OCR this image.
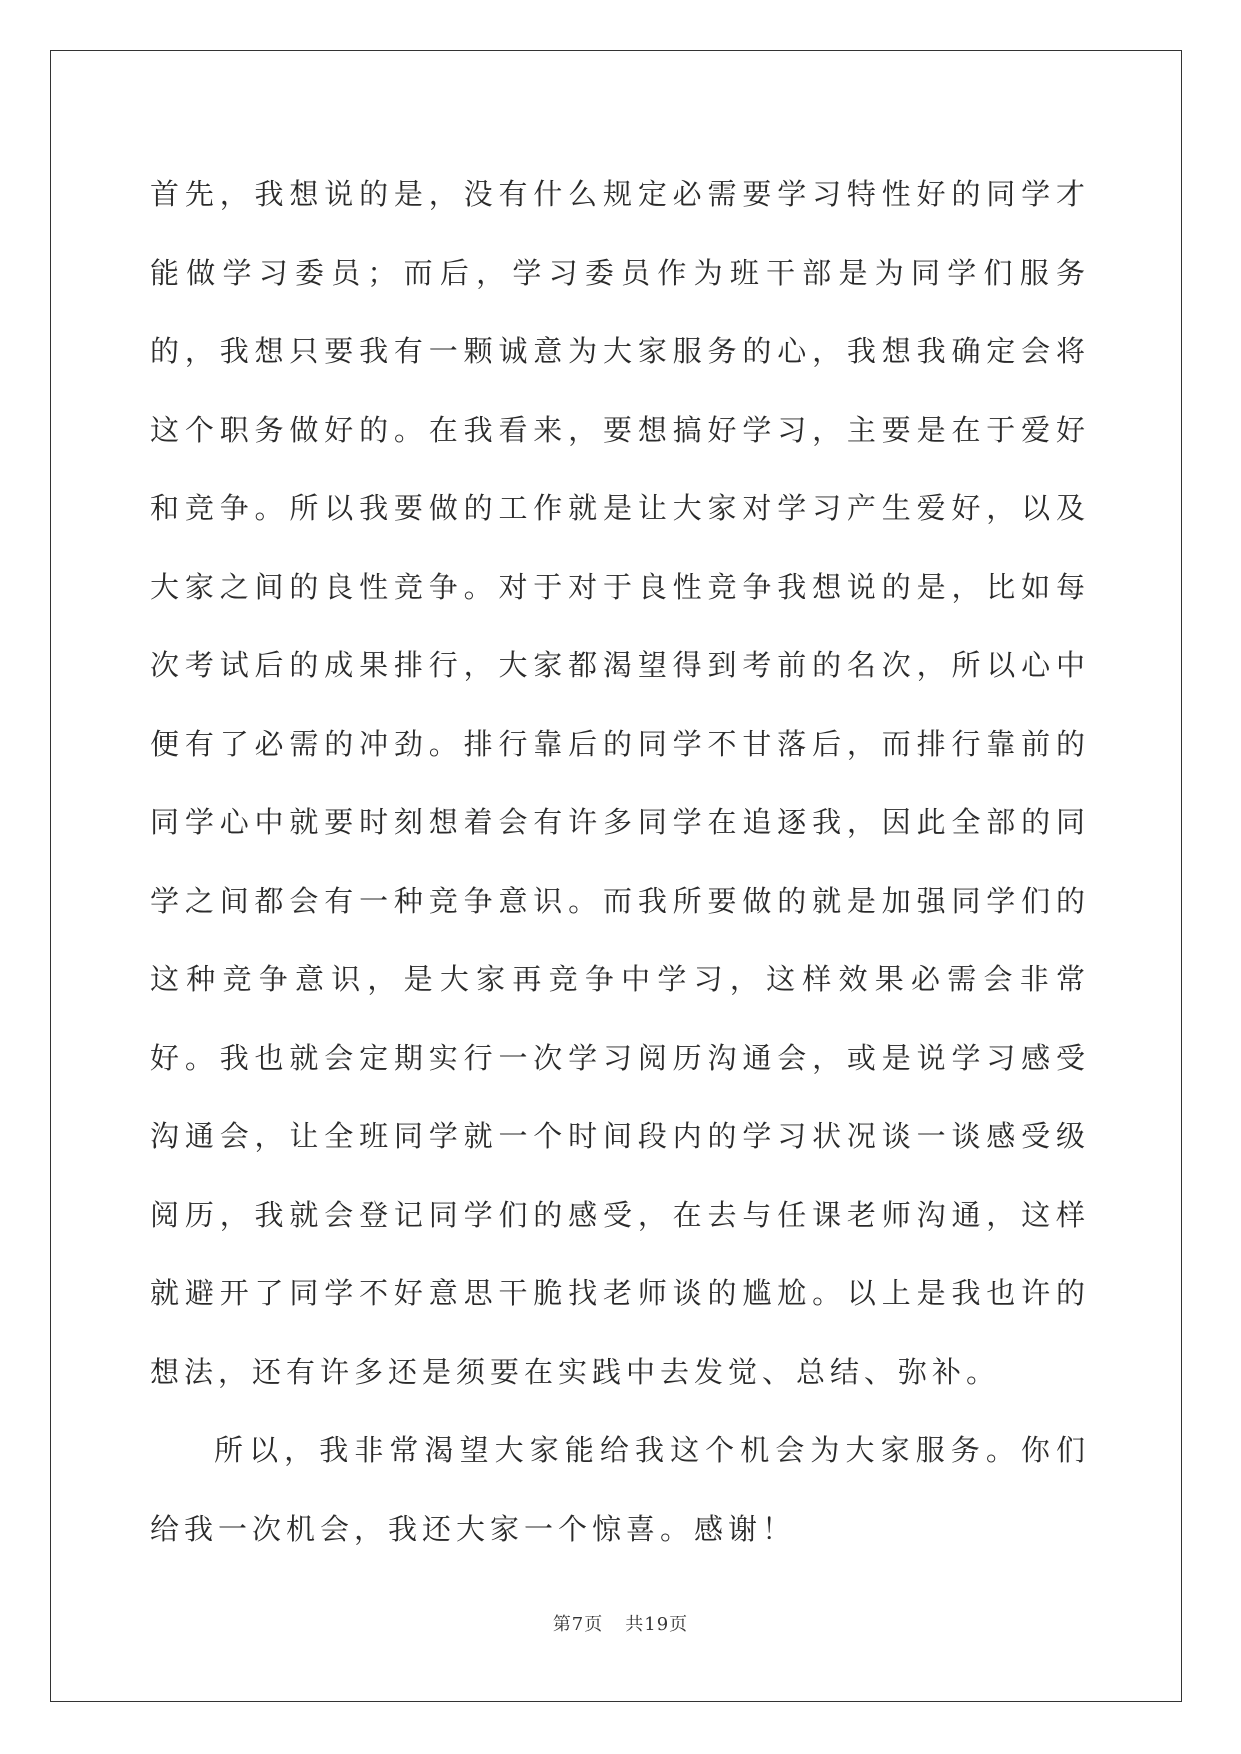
首先，我想说的是，没有什么规定必需要学习特性好的同学才能做学习委员；而后，学习委员作为班干部是为同学们服务的，我想只要我有一颗诚意为大家服务的心，我想我确定会将这个职务做好的。在我看来，要想搞好学习，主要是在于爱好和竞争。所以我要做的工作就是让大家对学习产生爱好，以及大家之间的良性竞争。对于对于良性竞争我想说的是，比如每次考试后的成果排行，大家都渴望得到考前的名次，所以心中便有了必需的冲劲。排行靠后的同学不甘落后，而排行靠前的同学心中就要时刻想着会有许多同学在追逐我，因此全部的同学之间都会有一种竞争意识。而我所要做的就是加强同学们的这种竞争意识，是大家再竞争中学习，这样效果必需会非常好。我也就会定期实行一次学习阅历沟通会，或是说学习感受沟通会，让全班同学就一个时间段内的学习状况谈一谈感受级阅历，我就会登记同学们的感受，在去与任课老师沟通，这样就避开了同学不好意思干脆找老师谈的尴尬。以上是我也许的想法，还有许多还是须要在实践中去发觉、总结、弥补。

所以，我非常渴望大家能给我这个机会为大家服务。你们给我一次机会，我还大家一个惊喜。感谢！

第7页 共19页
